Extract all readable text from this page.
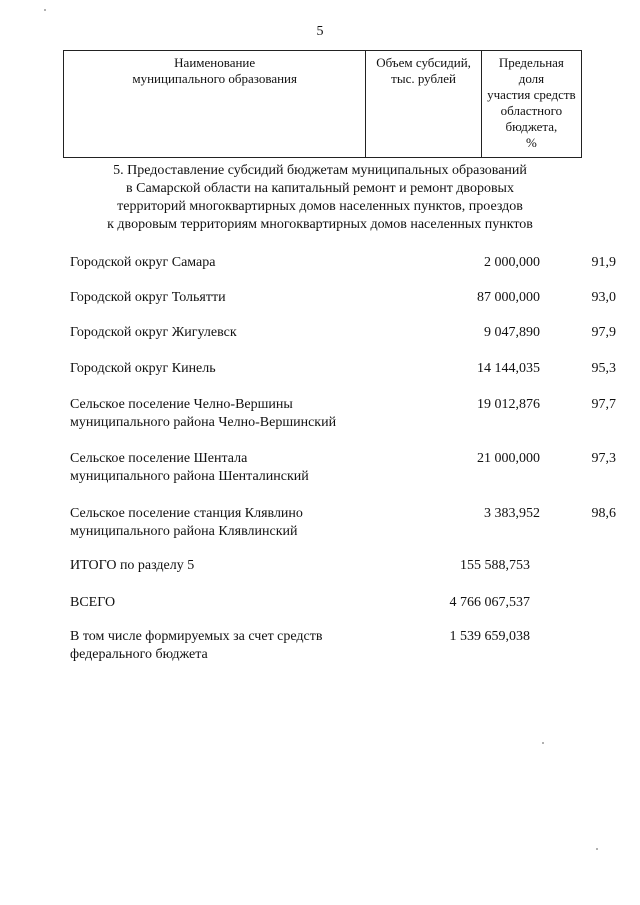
5
Наименование
муниципального образования

Объем субсидий,
тыс. рублей

Предельная
доля
участия средств
областного
бюджета,
%
5. Предоставление субсидий бюджетам муниципальных образований
в Самарской области на капитальный ремонт и ремонт дворовых
территорий многоквартирных домов населенных пунктов, проездов
к дворовым территориям многоквартирных домов населенных пунктов
Городской округ Самара	2 000,000	91,9
Городской округ Тольятти	87 000,000	93,0
Городской округ Жигулевск	9 047,890	97,9
Городской округ Кинель	14 144,035	95,3
Сельское поселение Челно-Вершины
муниципального района Челно-Вершинский
19 012,876	97,7
Сельское поселение Шентала
муниципального района Шенталинский
21 000,000	97,3
Сельское поселение станция Клявлино
муниципального района Клявлинский
3 383,952	98,6
ИТОГО по разделу 5	155 588,753
ВСЕГО	4 766 067,537
В том числе формируемых за счет средств
федерального бюджета
1 539 659,038
